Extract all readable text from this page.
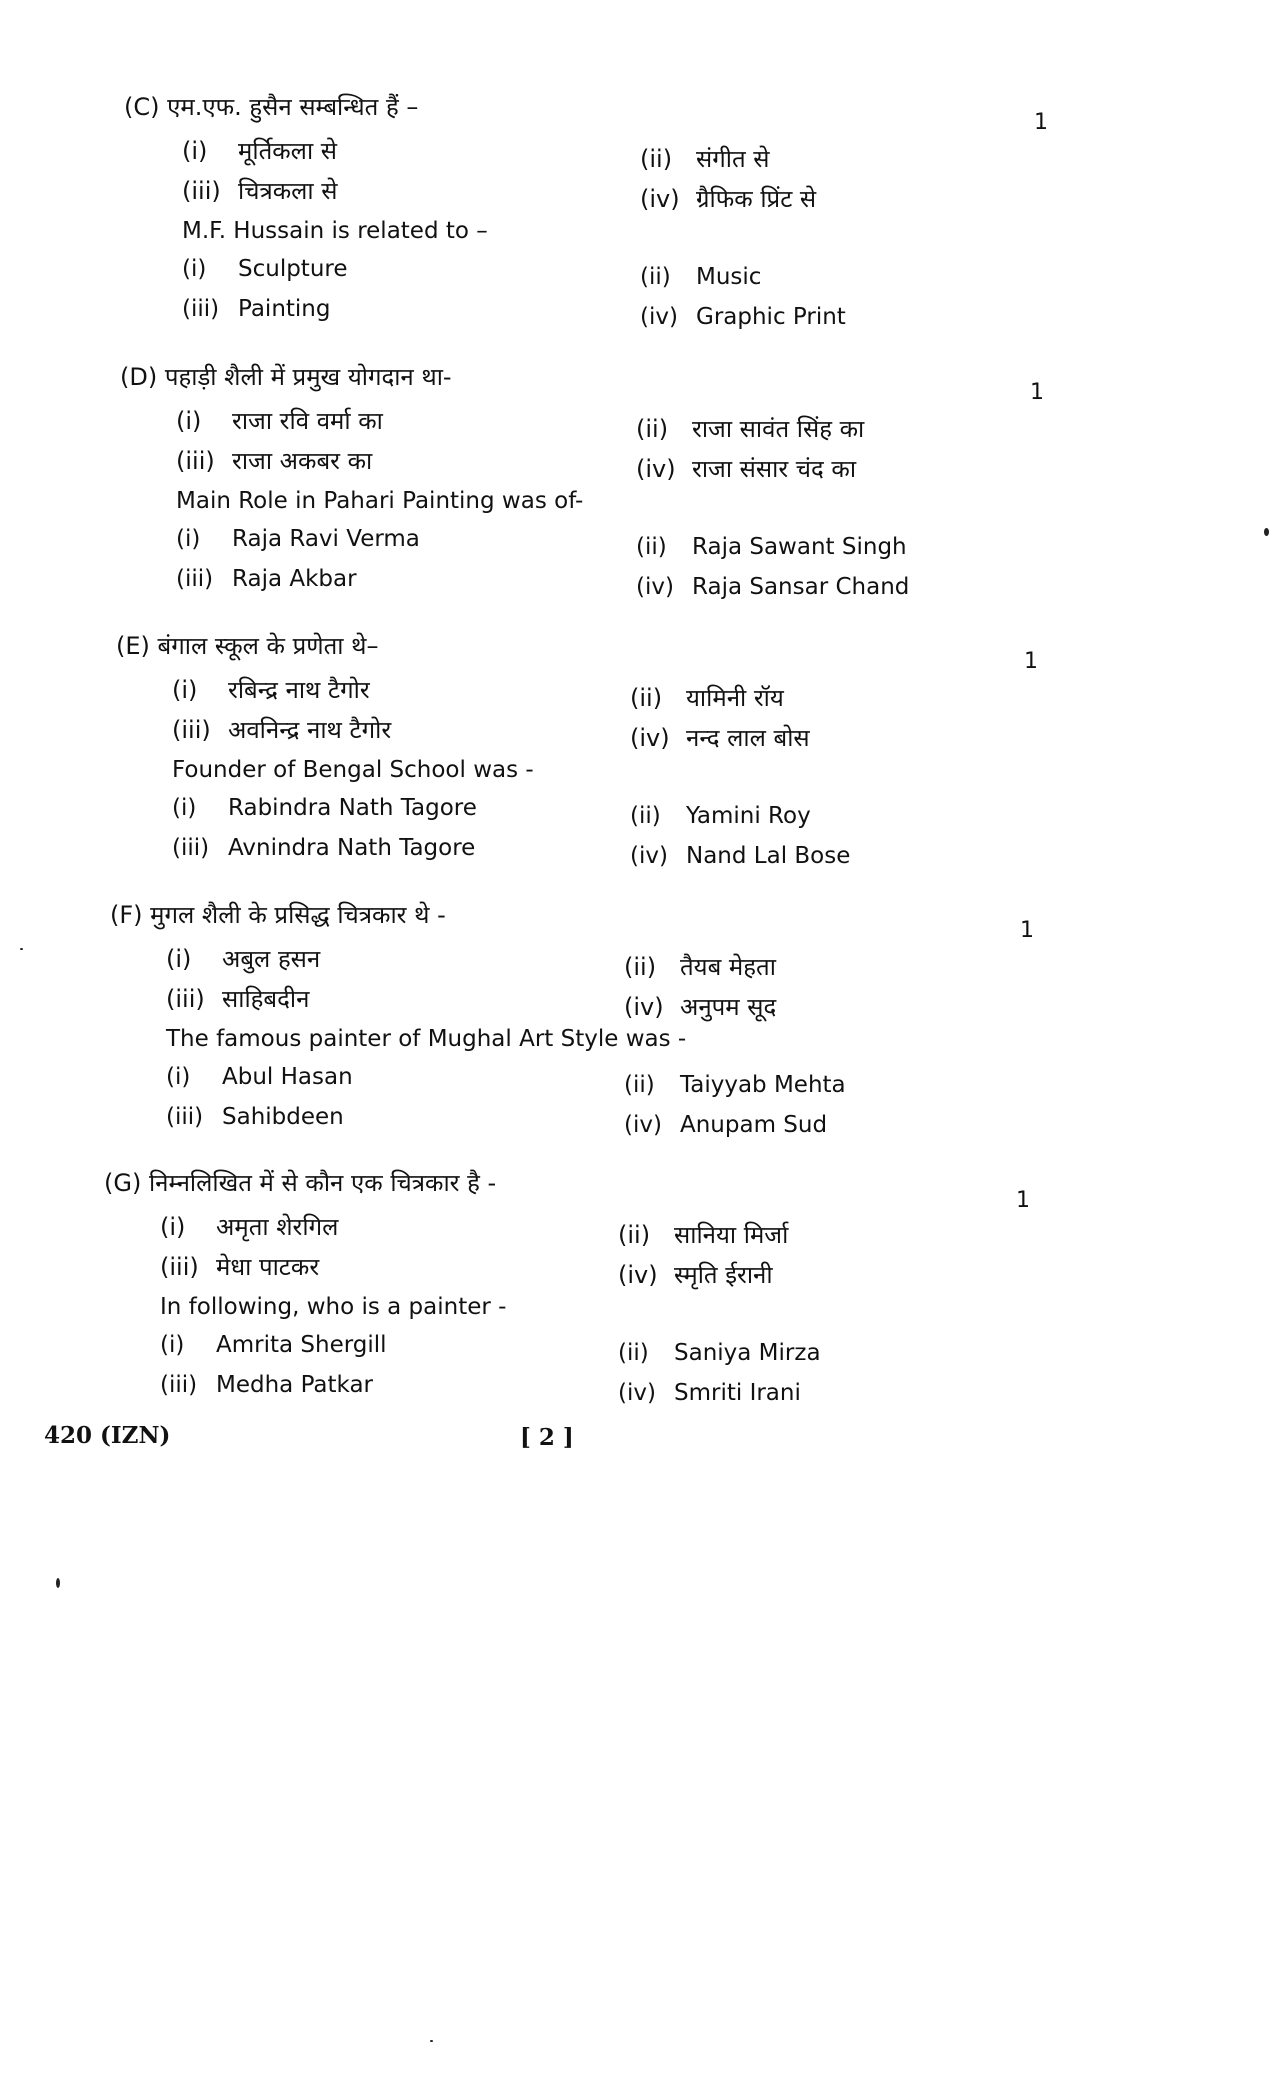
(C) एम.एफ. हुसैन सम्बन्धित हैं –
1
(i) मूर्तिकला से	(ii) संगीत से
(iii) चित्रकला से	(iv) ग्रैफिक प्रिंट से
M.F. Hussain is related to –
(i) Sculpture	(ii) Music
(iii) Painting	(iv) Graphic Print
(D) पहाड़ी शैली में प्रमुख योगदान था-
1
(i) राजा रवि वर्मा का	(ii) राजा सावंत सिंह का
(iii) राजा अकबर का	(iv) राजा संसार चंद का
Main Role in Pahari Painting was of-
(i) Raja Ravi Verma	(ii) Raja Sawant Singh
(iii) Raja Akbar	(iv) Raja Sansar Chand
(E) बंगाल स्कूल के प्रणेता थे–
1
(i) रबिन्द्र नाथ टैगोर	(ii) यामिनी रॉय
(iii) अवनिन्द्र नाथ टैगोर	(iv) नन्द लाल बोस
Founder of Bengal School was -
(i) Rabindra Nath Tagore	(ii) Yamini Roy
(iii) Avnindra Nath Tagore	(iv) Nand Lal Bose
(F) मुगल शैली के प्रसिद्ध चित्रकार थे -
1
(i) अबुल हसन	(ii) तैयब मेहता
(iii) साहिबदीन	(iv) अनुपम सूद
The famous painter of Mughal Art Style was -
(i) Abul Hasan	(ii) Taiyyab Mehta
(iii) Sahibdeen	(iv) Anupam Sud
(G) निम्नलिखित में से कौन एक चित्रकार है -
1
(i) अमृता शेरगिल	(ii) सानिया मिर्जा
(iii) मेधा पाटकर	(iv) स्मृति ईरानी
In following, who is a painter -
(i) Amrita Shergill	(ii) Saniya Mirza
(iii) Medha Patkar	(iv) Smriti Irani
420 (IZN)	[ 2 ]
